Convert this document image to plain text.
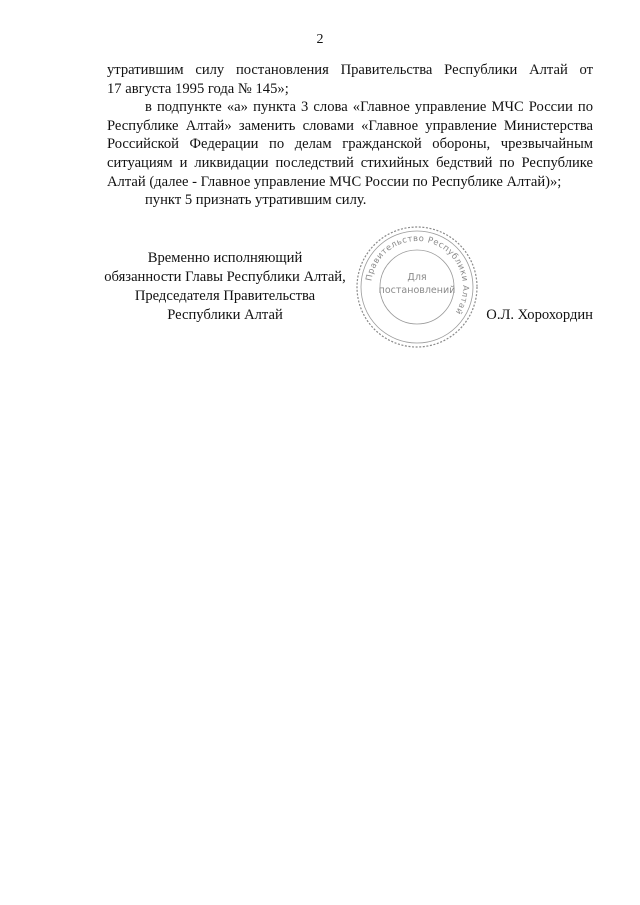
2

утратившим силу постановления Правительства Республики Алтай от

17 августа 1995 года № 145»;

в подпункте «а» пункта 3 слова «Главное управление МЧС России по Республике Алтай» заменить словами «Главное управление Министерства Российской Федерации по делам гражданской обороны, чрезвычайным ситуациям и ликвидации последствий стихийных бедствий по Республике Алтай (далее - Главное управление МЧС России по Республике Алтай)»;

пункт 5 признать утратившим силу.

Временно исполняющий
обязанности Главы Республики Алтай,
Председателя Правительства
Республики Алтай
Правительство Республики Алтай
Для
постановлений
О.Л. Хорохордин
